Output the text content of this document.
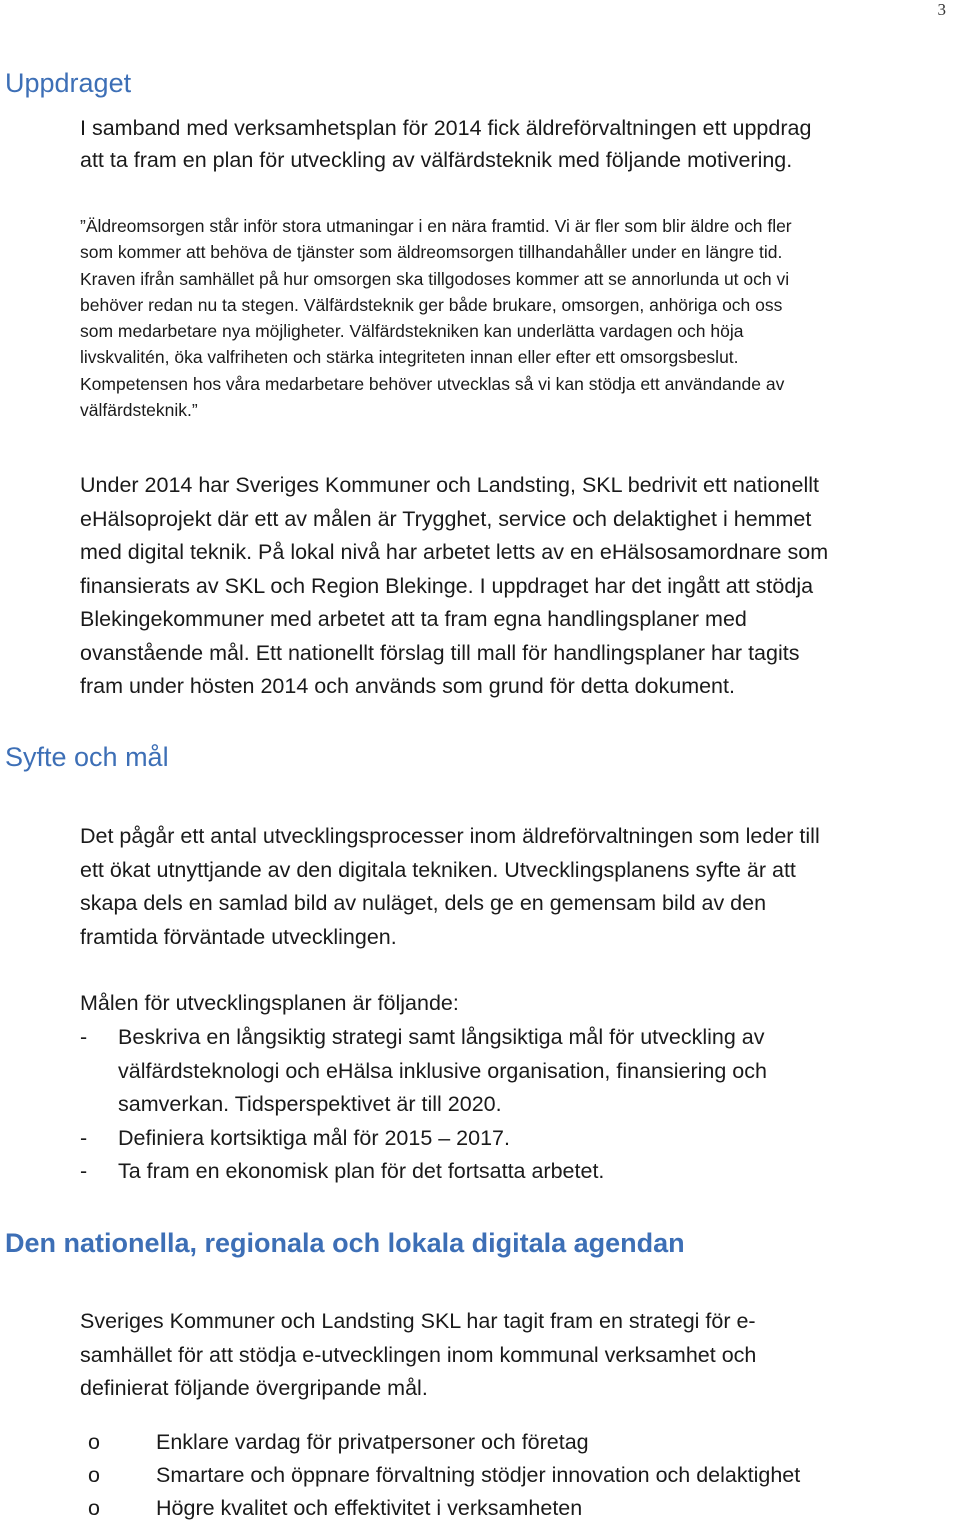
3
Uppdraget
I samband med verksamhetsplan för 2014 fick äldreförvaltningen ett uppdrag
att ta fram en plan för utveckling av välfärdsteknik med följande motivering.
”Äldreomsorgen står inför stora utmaningar i en nära framtid. Vi är fler som blir äldre och fler
som kommer att behöva de tjänster som äldreomsorgen tillhandahåller under en längre tid.
Kraven ifrån samhället på hur omsorgen ska tillgodoses kommer att se annorlunda ut och vi
behöver redan nu ta stegen. Välfärdsteknik ger både brukare, omsorgen, anhöriga och oss
som medarbetare nya möjligheter. Välfärdstekniken kan underlätta vardagen och höja
livskvalitén, öka valfriheten och stärka integriteten innan eller efter ett omsorgsbeslut.
Kompetensen hos våra medarbetare behöver utvecklas så vi kan stödja ett användande av
välfärdsteknik.”
Under 2014 har Sveriges Kommuner och Landsting, SKL bedrivit ett nationellt
eHälsoprojekt där ett av målen är Trygghet, service och delaktighet i hemmet
med digital teknik. På lokal nivå har arbetet letts av en eHälsosamordnare som
finansierats av SKL och Region Blekinge. I uppdraget har det ingått att stödja
Blekingekommuner med arbetet att ta fram egna handlingsplaner med
ovanstående mål. Ett nationellt förslag till mall för handlingsplaner har tagits
fram under hösten 2014 och används som grund för detta dokument.
Syfte och mål
Det pågår ett antal utvecklingsprocesser inom äldreförvaltningen som leder till
ett ökat utnyttjande av den digitala tekniken. Utvecklingsplanens syfte är att
skapa dels en samlad bild av nuläget, dels ge en gemensam bild av den
framtida förväntade utvecklingen.
Målen för utvecklingsplanen är följande:
- Beskriva en långsiktig strategi samt långsiktiga mål för utveckling av
välfärdsteknologi och eHälsa inklusive organisation, finansiering och
samverkan. Tidsperspektivet är till 2020.
- Definiera kortsiktiga mål för 2015 – 2017.
- Ta fram en ekonomisk plan för det fortsatta arbetet.
Den nationella, regionala och lokala digitala agendan
Sveriges Kommuner och Landsting SKL har tagit fram en strategi för e-
samhället för att stödja e-utvecklingen inom kommunal verksamhet och
definierat följande övergripande mål.
o	Enklare vardag för privatpersoner och företag
o	Smartare och öppnare förvaltning stödjer innovation och delaktighet
o	Högre kvalitet och effektivitet i verksamheten
